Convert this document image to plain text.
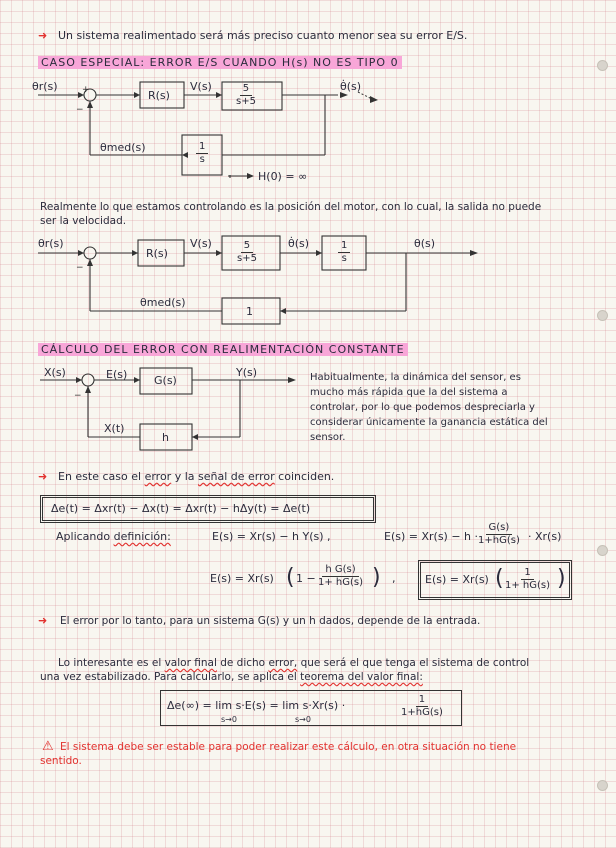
➜ Un sistema realimentado será más preciso cuanto menor sea su error E/S.
CASO ESPECIAL: ERROR E/S CUANDO H(s) NO ES TIPO 0
+
−
θr(s)
R(s)
$V(s) \frac{5}{s+5}$	θ̇(s)
θmed(s)	$\frac{1}{s}$
H(0) = ∞
Realmente lo que estamos controlando es la posición del motor, con lo cual, la salida no puede ser la velocidad.
−
θr(s)
R(s)
V(s)	$\frac{5}{s+5}$	θ̇(s)	$\frac{1}{s}$	θ(s)
θmed(s)
1
CÁLCULO DEL ERROR CON REALIMENTACIÓN CONSTANTE
−
X(s)	E(s) G(s)
Y(s)
X(t)
h
Habitualmente, la dinámica del sensor, es mucho más rápida que la del sistema a controlar, por lo que podemos despreciarla y considerar únicamente la ganancia estática del sensor.
➜ En este caso el error y la señal de error coinciden.
Δe(t) = Δxr(t) − Δx(t) = Δxr(t) − hΔy(t) = Δe(t)
Aplicando definición:	E(s) = Xr(s) − h Y(s) ,	$E(s) = Xr(s) - h \cdot \frac{G(s)}{1+hG(s)} \cdot Xr(s)$
E(s) = Xr(s) ( $1 - \frac{\text{h G(s)}}{1+ hG(s)}$ ) ,	E(s) = Xr(s) ( $\frac{1}{1+ hG(s)}$ )
➜	El error por lo tanto, para un sistema G(s) y un h dados, depende de la entrada.
Lo interesante es el valor final de dicho error, que será el que tenga el sistema de control una vez estabilizado. Para calcularlo, se aplica el teorema del valor final:
Δe(∞) = lim s·E(s) = lim s·Xr(s) ·
s→0	s→0
$\frac{1}{1+hG(s)}$
⚠ El sistema debe ser estable para poder realizar este cálculo, en otra situación no tiene sentido.
